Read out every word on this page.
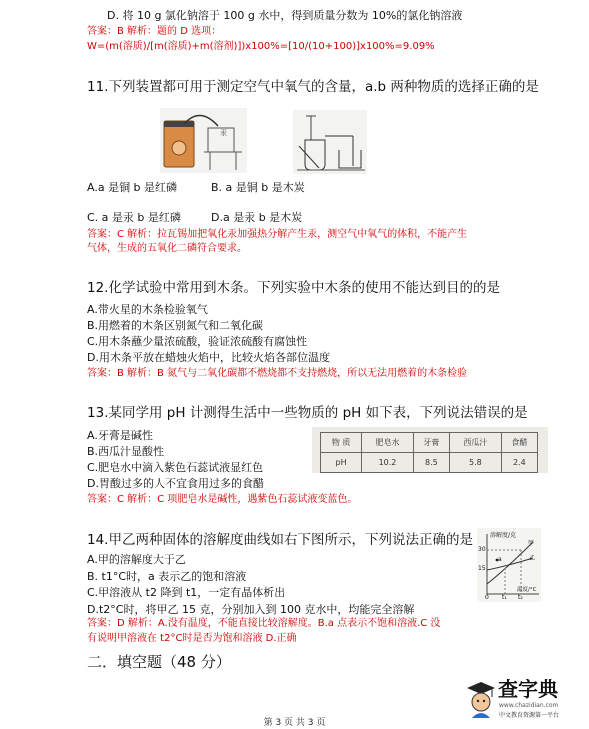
D. 将 10 g 氯化钠溶于 100 g 水中，得到质量分数为 10%的氯化钠溶液
答案：B 解析：题的 D 选项：
W=(m(溶质)/[m(溶质)+m(溶剂)])x100%=[10/(10+100)]x100%=9.09%
11.下列装置都可用于测定空气中氧气的含量，a.b 两种物质的选择正确的是
汞
A.a 是铜 b 是红磷	B. a 是铜 b 是木炭
C. a 是汞 b 是红磷	D.a 是汞 b 是木炭
答案：C 解析：拉瓦锡加把氧化汞加强热分解产生汞，测空气中氧气的体积，不能产生
气体，生成的五氧化二磷符合要求。
12.化学试验中常用到木条。下列实验中木条的使用不能达到目的的是
A.带火星的木条检验氧气
B.用燃着的木条区别氮气和二氧化碳
C.用木条蘸少量浓硫酸，验证浓硫酸有腐蚀性
D.用木条平放在蜡烛火焰中，比较火焰各部位温度
答案：B 解析：B 氮气与二氧化碳都不燃烧都不支持燃烧，所以无法用燃着的木条检验
13.某同学用 pH 计测得生活中一些物质的 pH 如下表，下列说法错误的是
A.牙膏是碱性
B.西瓜汁显酸性
C.肥皂水中滴入紫色石蕊试液显红色
D.胃酸过多的人不宜食用过多的食醋
答案：C 解析：C 项肥皂水是碱性，遇紫色石蕊试液变蓝色。
物 质	肥皂水	牙膏	西瓜汁	食醋
pH	10.2	8.5	5.8	2.4
14.甲乙两种固体的溶解度曲线如右下图所示，下列说法正确的是
A.甲的溶解度大于乙
B. t1°C时，a 表示乙的饱和溶液
C.甲溶液从 t2 降到 t1，一定有晶体析出
D.t2°C时，将甲乙 15 克，分别加入到 100 克水中，均能完全溶解
答案：D 解析：A.没有温度，不能直接比较溶解度。B.a 点表示不饱和溶液.C 没
有说明甲溶液在 t2°C时是否为饱和溶液 D.正确
溶解度/克
甲
乙
30
15
a
0 t₁ t₂
温度/°C
二．填空题（48 分）
第 3 页 共 3 页
查字典
www.chazidian.com
中文教育资源第一平台
